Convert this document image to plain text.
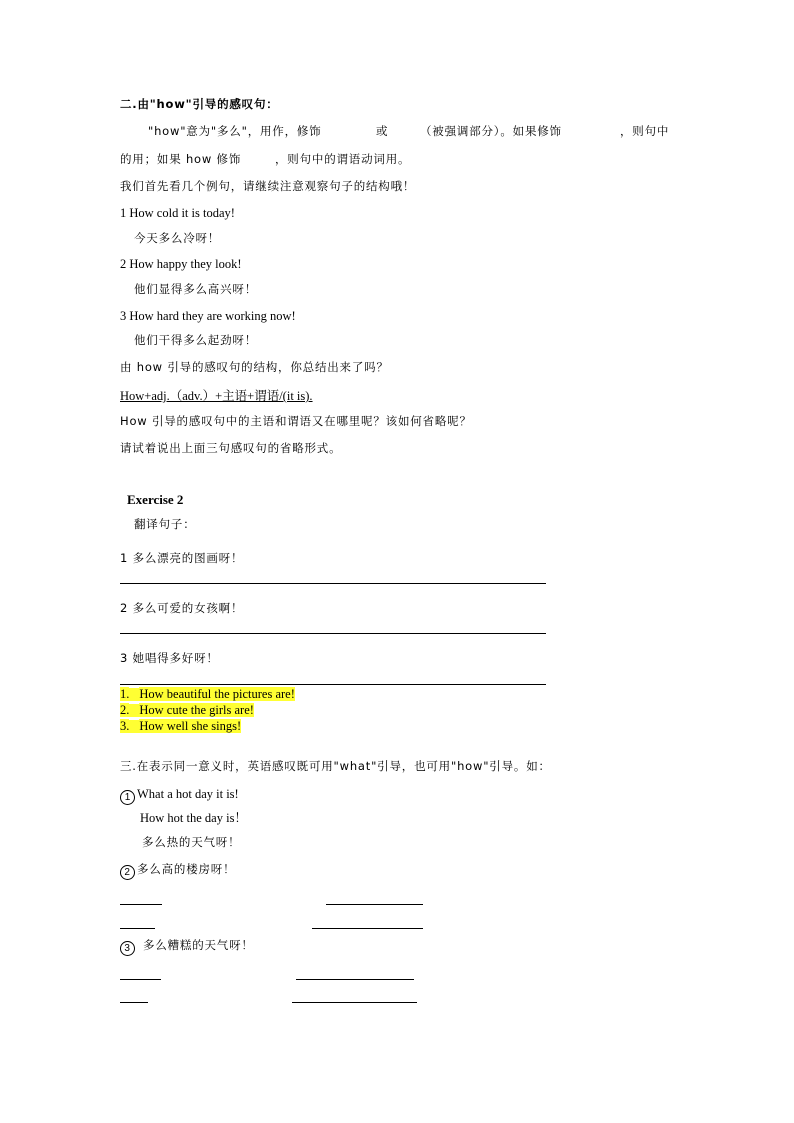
二.由"how"引导的感叹句：
"how"意为"多么"，用作，修饰	或	（被强调部分）。如果修饰	，则句中
的用；如果 how 修饰	，则句中的谓语动词用。
我们首先看几个例句，请继续注意观察句子的结构哦！
1 How cold it is today!
今天多么冷呀！
2 How happy they look!
他们显得多么高兴呀！
3 How hard they are working now!
他们干得多么起劲呀！
由 how 引导的感叹句的结构，你总结出来了吗？
How+adj.（adv.）+主语+谓语/(it is).
How 引导的感叹句中的主语和谓语又在哪里呢？该如何省略呢？
请试着说出上面三句感叹句的省略形式。
Exercise 2
翻译句子：
1 多么漂亮的图画呀！
2 多么可爱的女孩啊！
3 她唱得多好呀！
1. How beautiful the pictures are!
2. How cute the girls are!
3. How well she sings!
三.在表示同一意义时，英语感叹既可用"what"引导，也可用"how"引导。如：
1 What a hot day it is!
How hot the day is！
多么热的天气呀！
2 多么高的楼房呀！
3 多么糟糕的天气呀！
